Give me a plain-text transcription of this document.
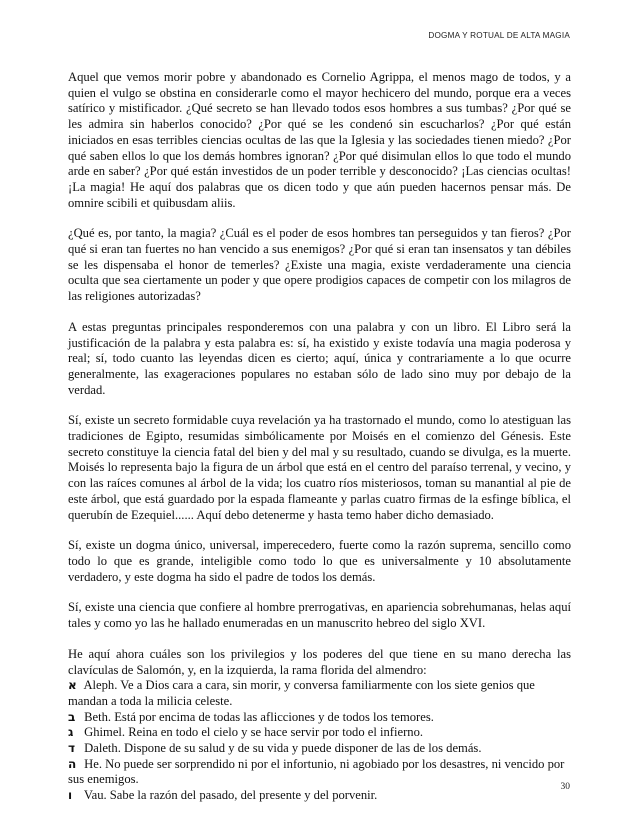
DOGMA Y ROTUAL DE ALTA MAGIA

Aquel que vemos morir pobre y abandonado es Cornelio Agrippa, el menos mago de todos, y a quien el vulgo se obstina en considerarle como el mayor hechicero del mundo, porque era a veces satírico y mistificador. ¿Qué secreto se han llevado todos esos hombres a sus tumbas? ¿Por qué se les admira sin haberlos conocido? ¿Por qué se les condenó sin escucharlos? ¿Por qué están iniciados en esas terribles ciencias ocultas de las que la Iglesia y las sociedades tienen miedo? ¿Por qué saben ellos lo que los demás hombres ignoran? ¿Por qué disimulan ellos lo que todo el mundo arde en saber? ¿Por qué están investidos de un poder terrible y desconocido? ¡Las ciencias ocultas! ¡La magia! He aquí dos palabras que os dicen todo y que aún pueden hacernos pensar más. De omnire scibili et quibusdam aliis.

¿Qué es, por tanto, la magia? ¿Cuál es el poder de esos hombres tan perseguidos y tan fieros? ¿Por qué si eran tan fuertes no han vencido a sus enemigos? ¿Por qué si eran tan insensatos y tan débiles se les dispensaba el honor de temerles? ¿Existe una magia, existe verdaderamente una ciencia oculta que sea ciertamente un poder y que opere prodigios capaces de competir con los milagros de las religiones autorizadas?

A estas preguntas principales responderemos con una palabra y con un libro. El Libro será la justificación de la palabra y esta palabra es: sí, ha existido y existe todavía una magia poderosa y real; sí, todo cuanto las leyendas dicen es cierto; aquí, única y contrariamente a lo que ocurre generalmente, las exageraciones populares no estaban sólo de lado sino muy por debajo de la verdad.

Sí, existe un secreto formidable cuya revelación ya ha trastornado el mundo, como lo atestiguan las tradiciones de Egipto, resumidas simbólicamente por Moisés en el comienzo del Génesis. Este secreto constituye la ciencia fatal del bien y del mal y su resultado, cuando se divulga, es la muerte. Moisés lo representa bajo la figura de un árbol que está en el centro del paraíso terrenal, y vecino, y con las raíces comunes al árbol de la vida; los cuatro ríos misteriosos, toman su manantial al pie de este árbol, que está guardado por la espada flameante y parlas cuatro firmas de la esfinge bíblica, el querubín de Ezequiel...... Aquí debo detenerme y hasta temo haber dicho demasiado.

Sí, existe un dogma único, universal, imperecedero, fuerte como la razón suprema, sencillo como todo lo que es grande, inteligible como todo lo que es universalmente y 10 absolutamente verdadero, y este dogma ha sido el padre de todos los demás.

Sí, existe una ciencia que confiere al hombre prerrogativas, en apariencia sobrehumanas, helas aquí tales y como yo las he hallado enumeradas en un manuscrito hebreo del siglo XVI.

He aquí ahora cuáles son los privilegios y los poderes del que tiene en su mano derecha las clavículas de Salomón, y, en la izquierda, la rama florida del almendro:

א Aleph. Ve a Dios cara a cara, sin morir, y conversa familiarmente con los siete genios que mandan a toda la milicia celeste.
ב Beth. Está por encima de todas las aflicciones y de todos los temores.
ג Ghimel. Reina en todo el cielo y se hace servir por todo el infierno.
ד Daleth. Dispone de su salud y de su vida y puede disponer de las de los demás.
ה He. No puede ser sorprendido ni por el infortunio, ni agobiado por los desastres, ni vencido por sus enemigos.
ו Vau. Sabe la razón del pasado, del presente y del porvenir.
30
